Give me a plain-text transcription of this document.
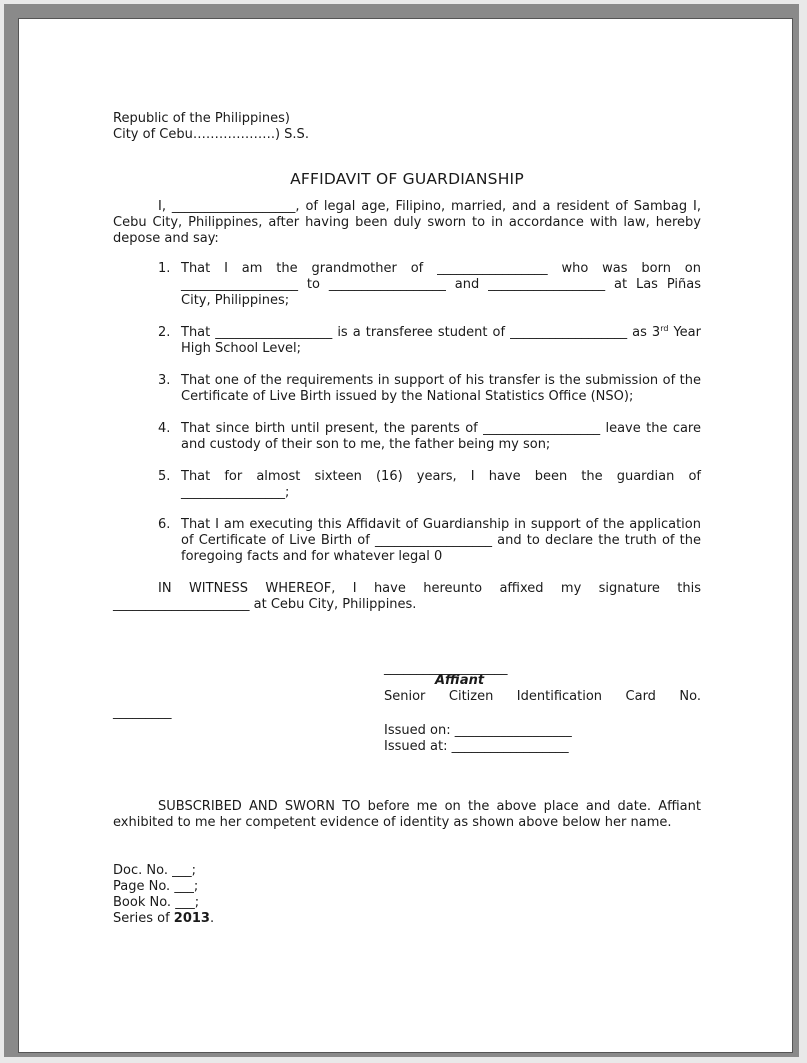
Republic of the Philippines)

City of Cebu……………….) S.S.

AFFIDAVIT OF GUARDIANSHIP

I, ___________________, of legal age, Filipino, married, and a resident of Sambag I, Cebu City, Philippines, after having been duly sworn to in accordance with law, hereby depose and say:

1. That I am the grandmother of _________________ who was born on __________________ to __________________ and __________________ at Las Piñas City, Philippines;
2. That __________________ is a transferee student of __________________ as 3rd Year High School Level;
3. That one of the requirements in support of his transfer is the submission of the Certificate of Live Birth issued by the National Statistics Office (NSO);
4. That since birth until present, the parents of __________________ leave the care and custody of their son to me, the father being my son;
5. That for almost sixteen (16) years, I have been the guardian of ________________;
6. That I am executing this Affidavit of Guardianship in support of the application of Certificate of Live Birth of __________________ and to declare the truth of the foregoing facts and for whatever legal 0

IN WITNESS WHEREOF, I have hereunto affixed my signature this _____________________ at Cebu City, Philippines.

___________________
Affiant
Senior Citizen Identification Card No.
_________
Issued on: __________________
Issued at: __________________

SUBSCRIBED AND SWORN TO before me on the above place and date. Affiant exhibited to me her competent evidence of identity as shown above below her name.

Doc. No. ___;
Page No. ___;
Book No. ___;
Series of 2013.
